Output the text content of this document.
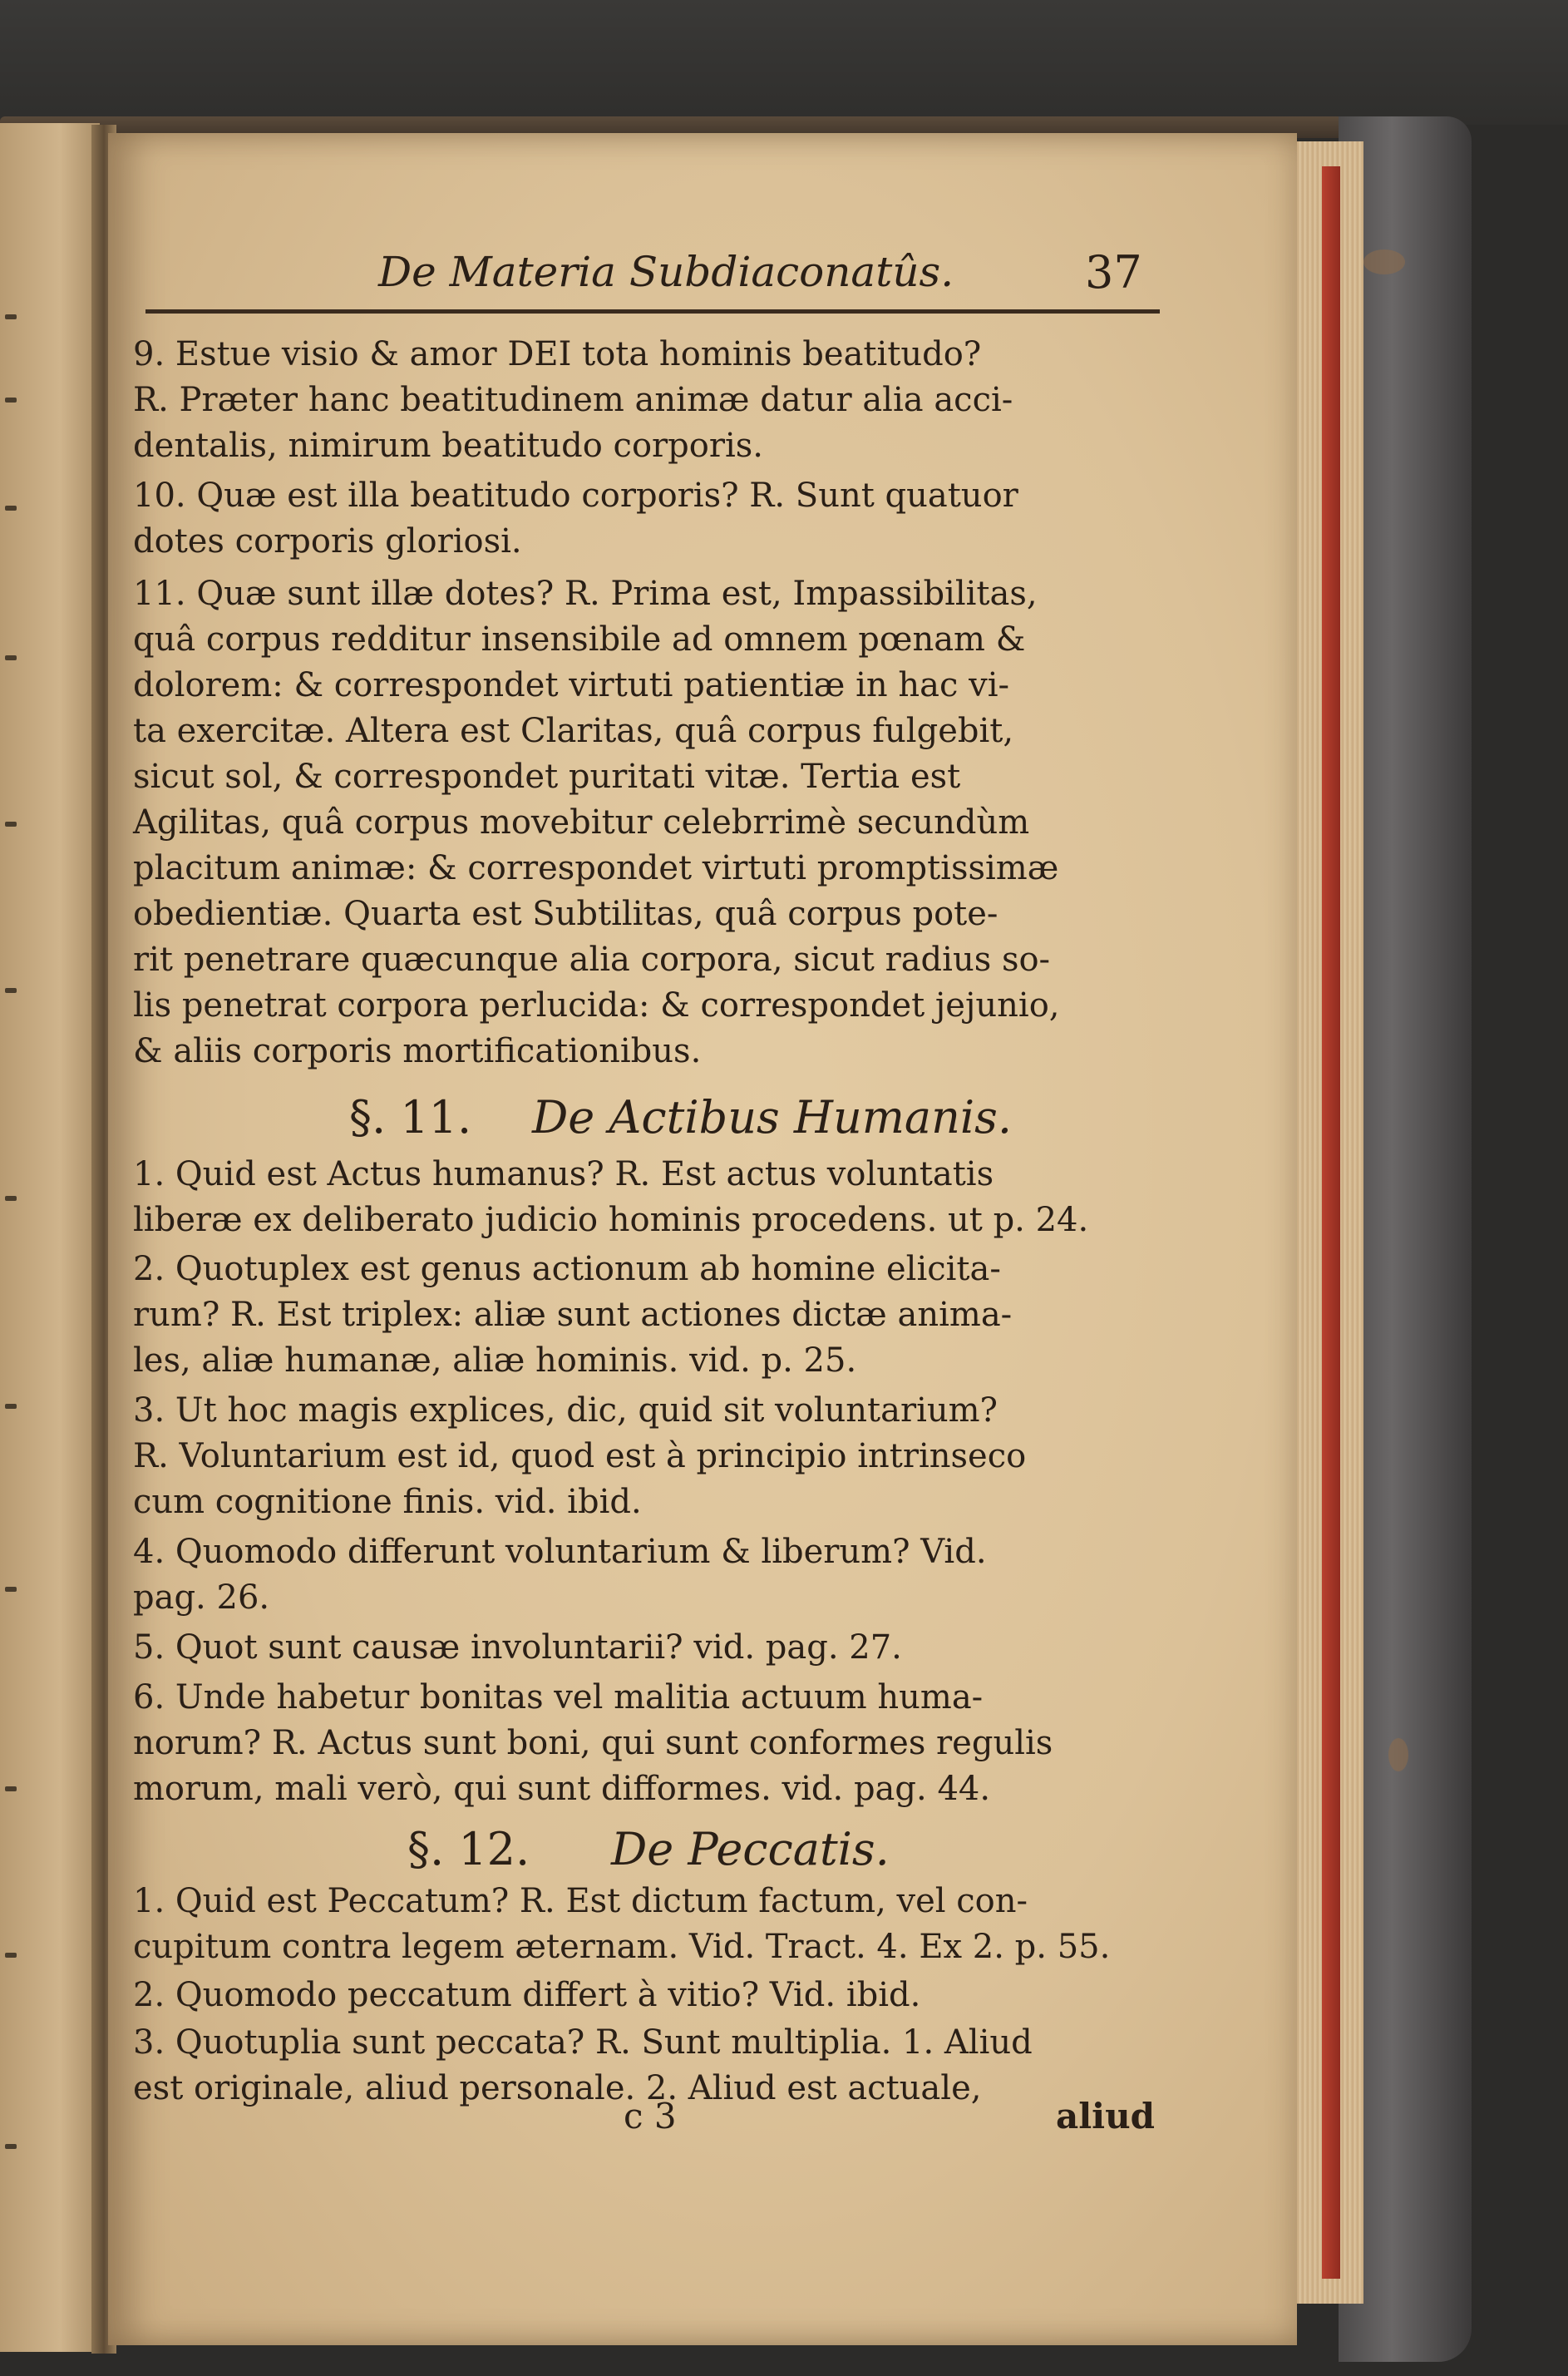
De Materia Subdiaconatûs.	37
9. Estue visio & amor DEI tota hominis beatitudo?
R. Præter hanc beatitudinem animæ datur alia acci-
dentalis, nimirum beatitudo corporis.
10. Quæ est illa beatitudo corporis? R. Sunt quatuor
dotes corporis gloriosi.
11. Quæ sunt illæ dotes? R. Prima est, Impassibilitas,
quâ corpus redditur insensibile ad omnem pœnam &
dolorem: & correspondet virtuti patientiæ in hac vi-
ta exercitæ. Altera est Claritas, quâ corpus fulgebit,
sicut sol, & correspondet puritati vitæ. Tertia est
Agilitas, quâ corpus movebitur celebrrimè secundùm
placitum animæ: & correspondet virtuti promptissimæ
obedientiæ. Quarta est Subtilitas, quâ corpus pote-
rit penetrare quæcunque alia corpora, sicut radius so-
lis penetrat corpora perlucida: & correspondet jejunio,
& aliis corporis mortificationibus.
§. 11. De Actibus Humanis.
1. Quid est Actus humanus? R. Est actus voluntatis
liberæ ex deliberato judicio hominis procedens. ut p. 24.
2. Quotuplex est genus actionum ab homine elicita-
rum? R. Est triplex: aliæ sunt actiones dictæ anima-
les, aliæ humanæ, aliæ hominis. vid. p. 25.
3. Ut hoc magis explices, dic, quid sit voluntarium?
R. Voluntarium est id, quod est à principio intrinseco
cum cognitione finis. vid. ibid.
4. Quomodo differunt voluntarium & liberum? Vid.
pag. 26.
5. Quot sunt causæ involuntarii? vid. pag. 27.
6. Unde habetur bonitas vel malitia actuum huma-
norum? R. Actus sunt boni, qui sunt conformes regulis
morum, mali verò, qui sunt difformes. vid. pag. 44.
§. 12. De Peccatis.
1. Quid est Peccatum? R. Est dictum factum, vel con-
cupitum contra legem æternam. Vid. Tract. 4. Ex 2. p. 55.
2. Quomodo peccatum differt à vitio? Vid. ibid.
3. Quotuplia sunt peccata? R. Sunt multiplia. 1. Aliud
est originale, aliud personale. 2. Aliud est actuale,
c 3	aliud
